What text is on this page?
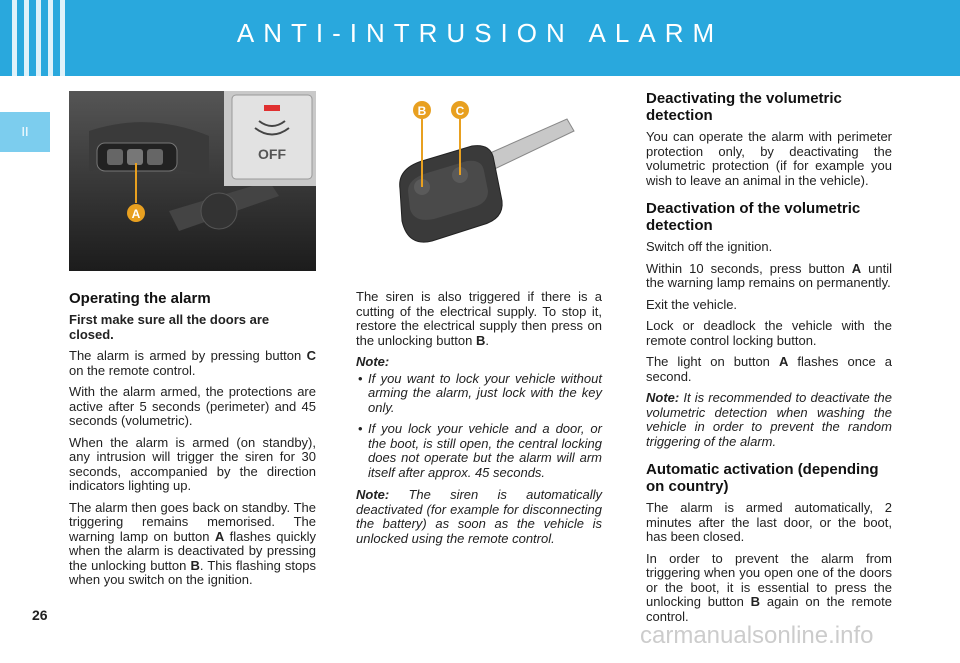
ANTI-INTRUSION ALARM
II
OFF
A
B C
Operating the alarm

First make sure all the doors are closed.

The alarm is armed by pressing button C on the remote control.

With the alarm armed, the protections are active after 5 seconds (perimeter) and 45 seconds (volumetric).

When the alarm is armed (on standby), any intrusion will trigger the siren for 30 seconds, accompanied by the direction indicators lighting up.

The alarm then goes back on standby. The triggering remains memorised. The warning lamp on button A flashes quickly when the alarm is deactivated by pressing the unlocking button B. This flashing stops when you switch on the ignition.

The siren is also triggered if there is a cutting of the electrical supply. To stop it, restore the electrical supply then press on the unlocking button B.

Note:

• If you want to lock your vehicle without arming the alarm, just lock with the key only.
• If you lock your vehicle and a door, or the boot, is still open, the central locking does not operate but the alarm will arm itself after approx. 45 seconds.

Note: The siren is automatically deactivated (for example for disconnecting the battery) as soon as the vehicle is unlocked using the remote control.

Deactivating the volumetric detection

You can operate the alarm with perimeter protection only, by deactivating the volumetric protection (if for example you wish to leave an animal in the vehicle).

Deactivation of the volumetric detection

Switch off the ignition.

Within 10 seconds, press button A until the warning lamp remains on permanently.

Exit the vehicle.

Lock or deadlock the vehicle with the remote control locking button.

The light on button A flashes once a second.

Note: It is recommended to deactivate the volumetric detection when washing the vehicle in order to prevent the random triggering of the alarm.

Automatic activation (depending on country)

The alarm is armed automatically, 2 minutes after the last door, or the boot, has been closed.

In order to prevent the alarm from triggering when you open one of the doors or the boot, it is essential to press the unlocking button B again on the remote control.

26
carmanualsonline.info
